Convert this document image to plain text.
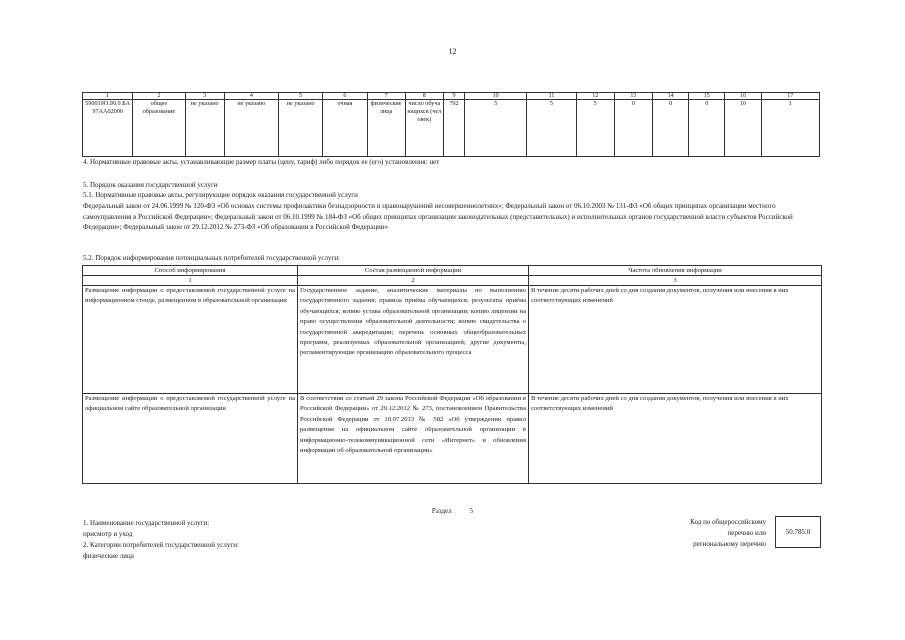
12
1	2	3	4	5	6	7	8	9	10	11	12	13	14	15	16	17
590019О.99.0.БА97АА02000	общее образование	не указано	не указано	не указано	очная	физические лица	число обучающихся (человек)	792	5	5	5	0	0	0	10	1
4. Нормативные правовые акты, устанавливающие размер платы (цену, тариф) либо порядок ее (его) установления: нет
5. Порядок оказания государственной услуги
5.1. Нормативные правовые акты, регулирующие порядок оказания государственной услуги
Федеральный закон от 24.06.1999 № 120-ФЗ «Об основах системы профилактики безнадзорности и правонарушений несовершеннолетних»; Федеральный закон от 06.10.2003 № 131-ФЗ «Об общих принципах организации местного самоуправления в Российской Федерации»; Федеральный закон от 06.10.1999 № 184-ФЗ «Об общих принципах организации законодательных (представительных) и исполнительных органов государственной власти субъектов Российской Федерации»; Федеральный закон от 29.12.2012 № 273-ФЗ «Об образовании в Российской Федерации»
5.2. Порядок информирования потенциальных потребителей государственной услуги:
Способ информирования	Состав размещаемой информации	Частота обновления информации
1	2	3
Размещение информации о предоставляемой государственной услуге на информационном стенде, размещенном в образовательной организации	Государственное задание, аналитические материалы по выполнению государственного задания; правила приёма обучающихся; результаты приёма обучающихся; копию устава образовательной организации; копию лицензии на право осуществления образовательной деятельности; копию свидетельства о государственной аккредитации; перечень основных общеобразовательных программ, реализуемых образовательной организацией; другие документы, регламентирующие организацию образовательного процесса	В течение десяти рабочих дней со дня создания документов, получения или внесения в них соответствующих изменений
Размещение информации о предоставляемой государственной услуге на официальном сайте образовательной организации	В соответствии со статьей 29 закона Российской Федерации «Об образовании в Российской Федерации» от 29.12.2012 № 273, постановлением Правительства Российской Федерации от 10.07.2013 № 582 «Об утверждении правил размещения на официальном сайте образовательной организации в информационно-телекоммуникационной сети «Интернет» и обновления информации об образовательной организации»	В течение десяти рабочих дней со дня создания документов, получения или внесения в них соответствующих изменений
Раздел	5
1. Наименование государственной услуги:
присмотр и уход
2. Категории потребителей государственной услуги:
физические лица
Код по общероссийскому
перечню или
региональному перечню
50.785.0
